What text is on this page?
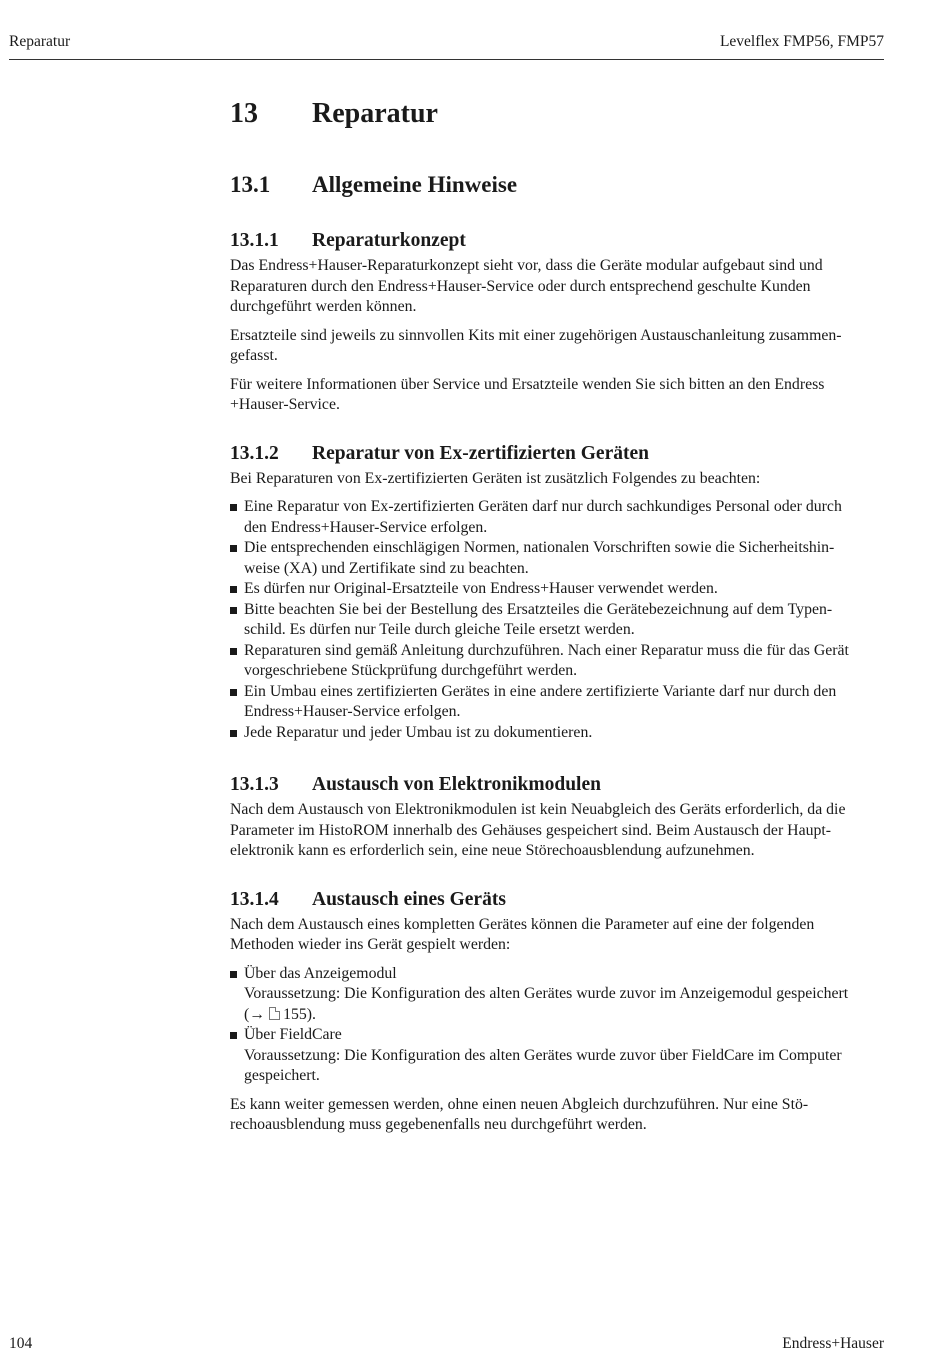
Reparatur	Levelflex FMP56, FMP57
13 Reparatur
13.1 Allgemeine Hinweise
13.1.1 Reparaturkonzept

Das Endress+Hauser-Reparaturkonzept sieht vor, dass die Geräte modular aufgebaut sind und
Reparaturen durch den Endress+Hauser-Service oder durch entsprechend geschulte Kunden
durchgeführt werden können.

Ersatzteile sind jeweils zu sinnvollen Kits mit einer zugehörigen Austauschanleitung zusammen-
gefasst.

Für weitere Informationen über Service und Ersatzteile wenden Sie sich bitten an den Endress
+Hauser-Service.

13.1.2 Reparatur von Ex-zertifizierten Geräten

Bei Reparaturen von Ex-zertifizierten Geräten ist zusätzlich Folgendes zu beachten:

Eine Reparatur von Ex-zertifizierten Geräten darf nur durch sachkundiges Personal oder durch
den Endress+Hauser-Service erfolgen.
Die entsprechenden einschlägigen Normen, nationalen Vorschriften sowie die Sicherheitshin-
weise (XA) und Zertifikate sind zu beachten.
Es dürfen nur Original-Ersatzteile von Endress+Hauser verwendet werden.
Bitte beachten Sie bei der Bestellung des Ersatzteiles die Gerätebezeichnung auf dem Typen-
schild. Es dürfen nur Teile durch gleiche Teile ersetzt werden.
Reparaturen sind gemäß Anleitung durchzuführen. Nach einer Reparatur muss die für das Gerät
vorgeschriebene Stückprüfung durchgeführt werden.
Ein Umbau eines zertifizierten Gerätes in eine andere zertifizierte Variante darf nur durch den
Endress+Hauser-Service erfolgen.
Jede Reparatur und jeder Umbau ist zu dokumentieren.
13.1.3 Austausch von Elektronikmodulen

Nach dem Austausch von Elektronikmodulen ist kein Neuabgleich des Geräts erforderlich, da die
Parameter im HistoROM innerhalb des Gehäuses gespeichert sind. Beim Austausch der Haupt-
elektronik kann es erforderlich sein, eine neue Störechoausblendung aufzunehmen.

13.1.4 Austausch eines Geräts

Nach dem Austausch eines kompletten Gerätes können die Parameter auf eine der folgenden
Methoden wieder ins Gerät gespielt werden:

Über das Anzeigemodul
Voraussetzung: Die Konfiguration des alten Gerätes wurde zuvor im Anzeigemodul gespeichert
(→ 155).
Über FieldCare
Voraussetzung: Die Konfiguration des alten Gerätes wurde zuvor über FieldCare im Computer
gespeichert.

Es kann weiter gemessen werden, ohne einen neuen Abgleich durchzuführen. Nur eine Stö-
rechoausblendung muss gegebenenfalls neu durchgeführt werden.

104	Endress+Hauser
